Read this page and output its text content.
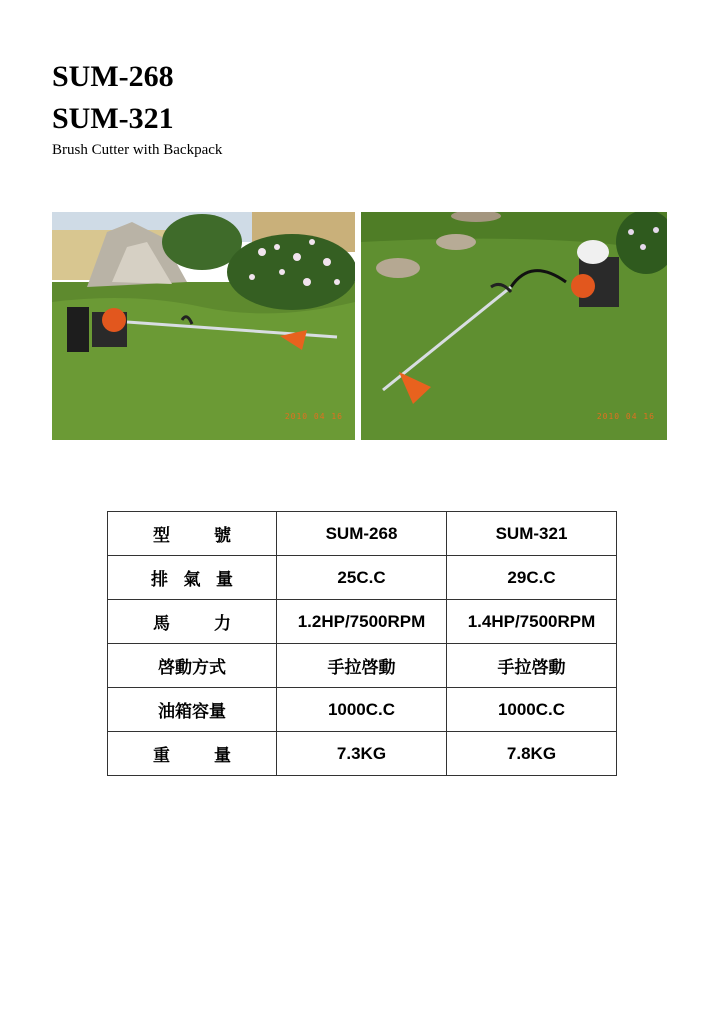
SUM-268
SUM-321
Brush Cutter with Backpack
2010 04 16	2010 04 16
型 號	SUM-268	SUM-321

排 氣 量	25C.C	29C.C

馬 力	1.2HP/7500RPM	1.4HP/7500RPM
啓動方式	手拉啓動	手拉啓動
油箱容量	1000C.C	1000C.C

重 量	7.3KG	7.8KG
